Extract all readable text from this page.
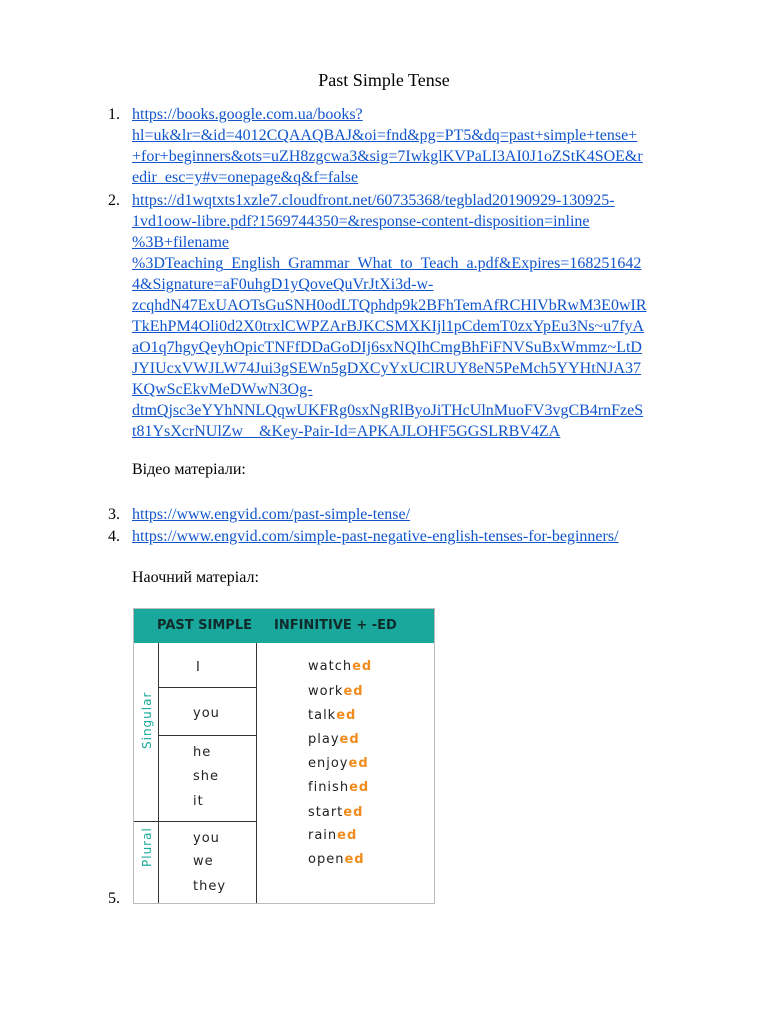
Past Simple Tense
1. https://books.google.com.ua/books?
hl=uk&lr=&id=4012CQAAQBAJ&oi=fnd&pg=PT5&dq=past+simple+tense+
+for+beginners&ots=uZH8zgcwa3&sig=7IwkglKVPaLI3AI0J1oZStK4SOE&r
edir_esc=y#v=onepage&q&f=false
2. https://d1wqtxts1xzle7.cloudfront.net/60735368/tegblad20190929-130925-
1vd1oow-libre.pdf?1569744350=&response-content-disposition=inline
%3B+filename
%3DTeaching_English_Grammar_What_to_Teach_a.pdf&Expires=168251642
4&Signature=aF0uhgD1yQoveQuVrJtXi3d-w-
zcqhdN47ExUAOTsGuSNH0odLTQphdp9k2BFhTemAfRCHIVbRwM3E0wIR
TkEhPM4Oli0d2X0trxlCWPZArBJKCSMXKIjl1pCdemT0zxYpEu3Ns~u7fyA
aO1q7hgyQeyhOpicTNFfDDaGoDIj6sxNQIhCmgBhFiFNVSuBxWmmz~LtD
JYIUcxVWJLW74Jui3gSEWn5gDXCyYxUClRUY8eN5PeMch5YYHtNJA37
KQwScEkvMeDWwN3Og-
dtmQjsc3eYYhNNLQqwUKFRg0sxNgRlByoJiTHcUlnMuoFV3vgCB4rnFzeS
t81YsXcrNUlZw__&Key-Pair-Id=APKAJLOHF5GGSLRBV4ZA
Відео матеріали:
3. https://www.engvid.com/past-simple-tense/
4. https://www.engvid.com/simple-past-negative-english-tenses-for-beginners/
Наочний матеріал:
PAST SIMPLE INFINITIVE + -ED
Singular
Plural
I
you
he
she
it
you
we
they
watched
worked
talked
played
enjoyed
finished
started
rained
opened
5.
